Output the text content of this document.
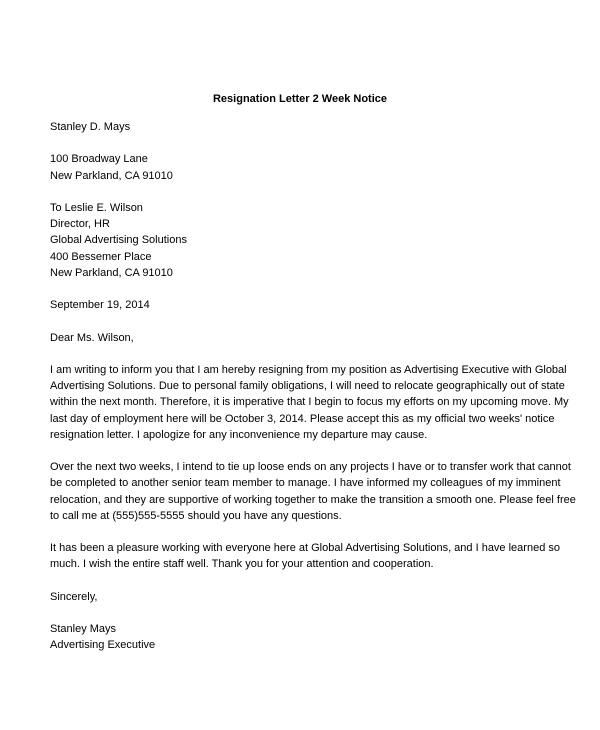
Resignation Letter 2 Week Notice
Stanley D. Mays
100 Broadway Lane
New Parkland, CA 91010
To Leslie E. Wilson
Director, HR
Global Advertising Solutions
400 Bessemer Place
New Parkland, CA 91010
September 19, 2014
Dear Ms. Wilson,
I am writing to inform you that I am hereby resigning from my position as Advertising Executive with Global
Advertising Solutions. Due to personal family obligations, I will need to relocate geographically out of state
within the next month. Therefore, it is imperative that I begin to focus my efforts on my upcoming move. My
last day of employment here will be October 3, 2014. Please accept this as my official two weeks' notice
resignation letter. I apologize for any inconvenience my departure may cause.
Over the next two weeks, I intend to tie up loose ends on any projects I have or to transfer work that cannot
be completed to another senior team member to manage. I have informed my colleagues of my imminent
relocation, and they are supportive of working together to make the transition a smooth one. Please feel free
to call me at (555)555-5555 should you have any questions.
It has been a pleasure working with everyone here at Global Advertising Solutions, and I have learned so
much. I wish the entire staff well. Thank you for your attention and cooperation.
Sincerely,
Stanley Mays
Advertising Executive
